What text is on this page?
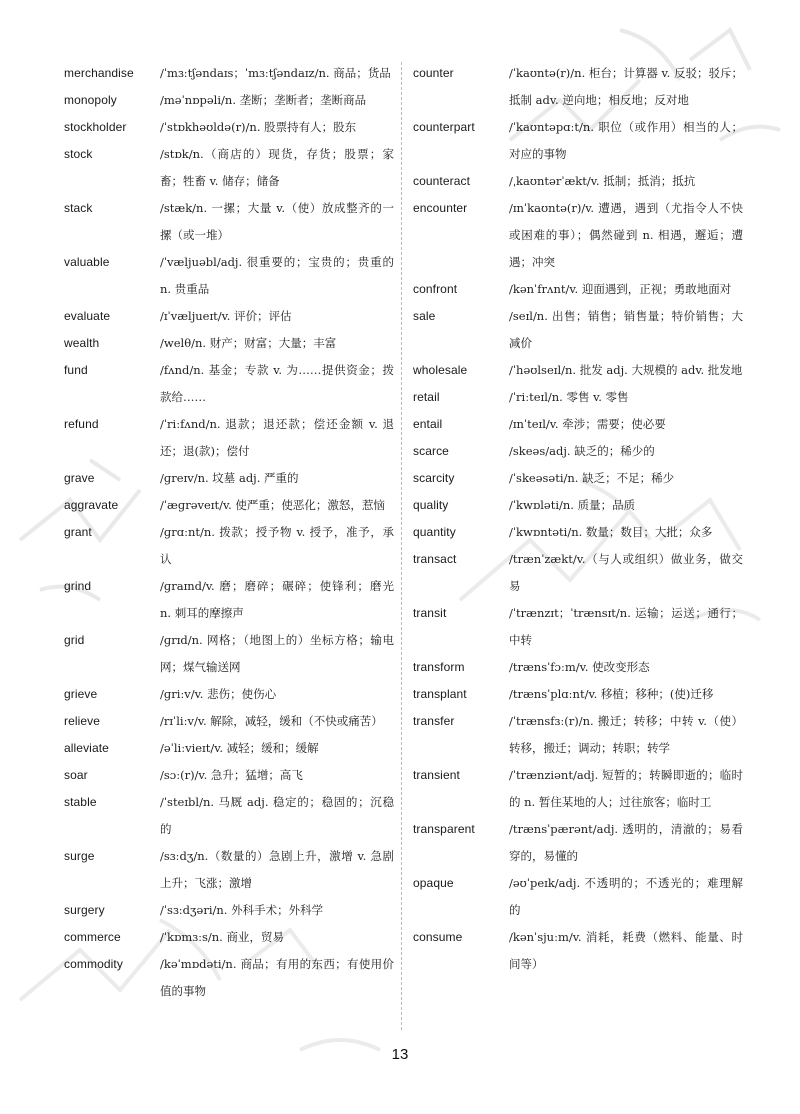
merchandise	/ˈmɜːtʃəndaɪs；ˈmɜːtʃəndaɪz/n. 商品；货品
monopoly	/məˈnɒpəli/n. 垄断；垄断者；垄断商品
stockholder	/ˈstɒkhəʊldə(r)/n. 股票持有人；股东
stock	/stɒk/n.（商店的）现货，存货；股票；家畜；牲畜 v. 储存；储备
stack	/stæk/n. 一摞；大量 v.（使）放成整齐的一摞（或一堆）
valuable	/ˈvæljuəbl/adj. 很重要的；宝贵的；贵重的 n. 贵重品
evaluate	/ɪˈvæljueɪt/v. 评价；评估
wealth	/welθ/n. 财产；财富；大量；丰富
fund	/fʌnd/n. 基金；专款 v. 为……提供资金；拨款给……
refund	/ˈriːfʌnd/n. 退款；退还款；偿还金额 v. 退还；退(款)；偿付
grave	/ɡreɪv/n. 坟墓 adj. 严重的
aggravate	/ˈæɡrəveɪt/v. 使严重；使恶化；激怒，惹恼
grant	/ɡrɑːnt/n. 拨款；授予物 v. 授予，准予，承认
grind	/ɡraɪnd/v. 磨；磨碎；碾碎；使锋利；磨光 n. 刺耳的摩擦声
grid	/ɡrɪd/n. 网格；（地图上的）坐标方格；输电网；煤气输送网
grieve	/ɡriːv/v. 悲伤；使伤心
relieve	/rɪˈliːv/v. 解除，减轻，缓和（不快或痛苦）
alleviate	/əˈliːvieɪt/v. 减轻；缓和；缓解
soar	/sɔː(r)/v. 急升；猛增；高飞
stable	/ˈsteɪbl/n. 马厩 adj. 稳定的；稳固的；沉稳的
surge	/sɜːdʒ/n.（数量的）急剧上升，激增 v. 急剧上升；飞涨；激增
surgery	/ˈsɜːdʒəri/n. 外科手术；外科学
commerce	/ˈkɒmɜːs/n. 商业，贸易
commodity	/kəˈmɒdəti/n. 商品；有用的东西；有使用价值的事物
counter	/ˈkaʊntə(r)/n. 柜台；计算器 v. 反驳；驳斥；抵制 adv. 逆向地；相反地；反对地
counterpart	/ˈkaʊntəpɑːt/n. 职位（或作用）相当的人；对应的事物
counteract	/ˌkaʊntərˈækt/v. 抵制；抵消；抵抗
encounter	/ɪnˈkaʊntə(r)/v. 遭遇，遇到（尤指令人不快或困难的事）；偶然碰到 n. 相遇，邂逅；遭遇；冲突
confront	/kənˈfrʌnt/v. 迎面遇到，正视；勇敢地面对
sale	/seɪl/n. 出售；销售；销售量；特价销售；大减价
wholesale	/ˈhəʊlseɪl/n. 批发 adj. 大规模的 adv. 批发地
retail	/ˈriːteɪl/n. 零售 v. 零售
entail	/ɪnˈteɪl/v. 牵涉；需要；使必要
scarce	/skeəs/adj. 缺乏的；稀少的
scarcity	/ˈskeəsəti/n. 缺乏；不足；稀少
quality	/ˈkwɒləti/n. 质量；品质
quantity	/ˈkwɒntəti/n. 数量；数目；大批；众多
transact	/trænˈzækt/v.（与人或组织）做业务，做交易
transit	/ˈtrænzɪt；ˈtrænsɪt/n. 运输；运送；通行；中转
transform	/trænsˈfɔːm/v. 使改变形态
transplant	/trænsˈplɑːnt/v. 移植；移种；(使)迁移
transfer	/ˈtrænsfɜː(r)/n. 搬迁；转移；中转 v.（使）转移，搬迁；调动；转职；转学
transient	/ˈtrænziənt/adj. 短暂的；转瞬即逝的；临时的 n. 暂住某地的人；过往旅客；临时工
transparent	/trænsˈpærənt/adj. 透明的，清澈的；易看穿的，易懂的
opaque	/əʊˈpeɪk/adj. 不透明的；不透光的；难理解的
consume	/kənˈsjuːm/v. 消耗，耗费（燃料、能量、时间等）
13
